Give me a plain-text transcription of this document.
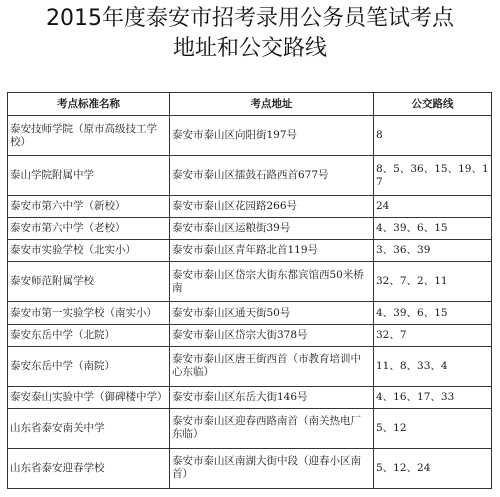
2015年度泰安市招考录用公务员笔试考点
地址和公交路线
考点标准名称	考点地址	公交路线
泰安技师学院（原市高级技工学校）	泰安市泰山区向阳街197号	8
泰山学院附属中学	泰安市泰山区擂鼓石路西首677号	8、5、36、15、19、17
泰安市第六中学（新校）	泰安市泰山区花园路266号	24
泰安市第六中学（老校）	泰安市泰山区运粮街39号	4、39、6、15
泰安市实验学校（北实小）	泰安市泰山区青年路北首119号	3、36、39
泰安师范附属学校	泰安市泰山区岱宗大街东都宾馆西50米桥南	32、7、2、11
泰安市第一实验学校（南实小）	泰安市泰山区通天街50号	4、39、6、15
泰安东岳中学（北院）	泰安市泰山区岱宗大街378号	32、7
泰安东岳中学（南院）	泰安市泰山区唐王街西首（市教育培训中心东临）	11、8、33、4
泰安泰山实验中学（御碑楼中学）	泰安市泰山区东岳大街146号	4、16、17、33
山东省泰安南关中学	泰安市泰山区迎春西路南首（南关热电厂东临）	5、12
山东省泰安迎春学校	泰安市泰山区南湖大街中段（迎春小区南首）	5、12、24
